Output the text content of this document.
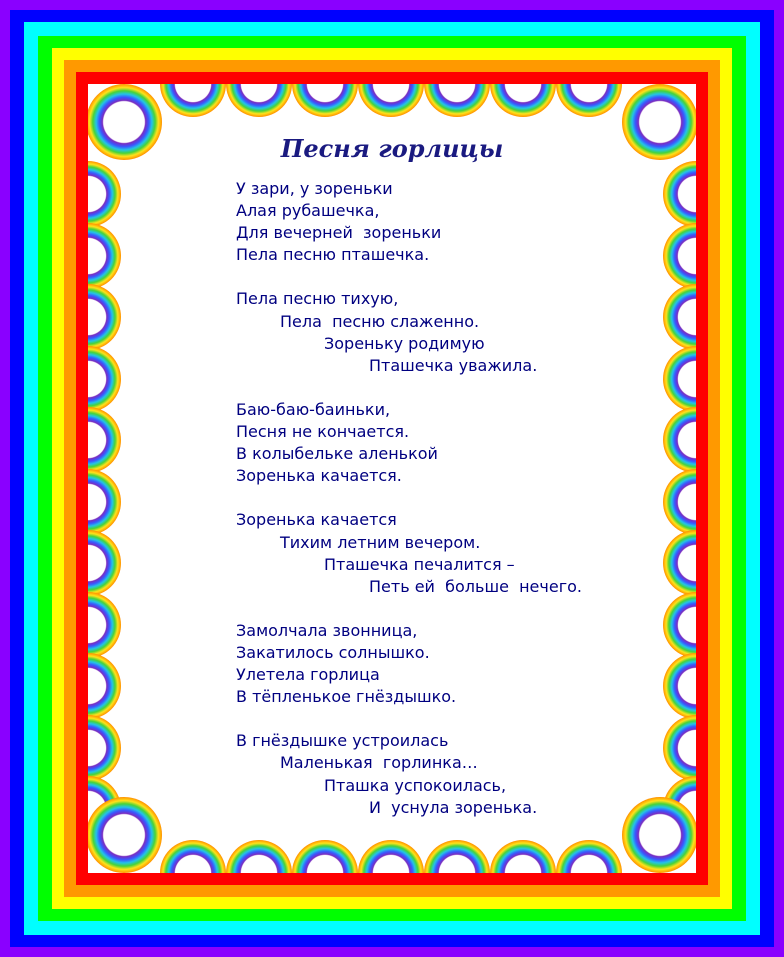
Песня горлицы
У зари, у зореньки
Алая рубашечка,
Для вечерней  зореньки
Пела песню пташечка.
Пела песню тихую,
Пела  песню слаженно.
Зореньку родимую
Пташечка уважила.
Баю-баю-баиньки,
Песня не кончается.
В колыбельке аленькой
Зоренька качается.
Зоренька качается
Тихим летним вечером.
Пташечка печалится –
Петь ей  больше  нечего.
Замолчала звонница,
Закатилось солнышко.
Улетела горлица
В тёпленькое гнёздышко.
В гнёздышке устроилась
Маленькая  горлинка…
Пташка успокоилась,
И  уснула зоренька.
